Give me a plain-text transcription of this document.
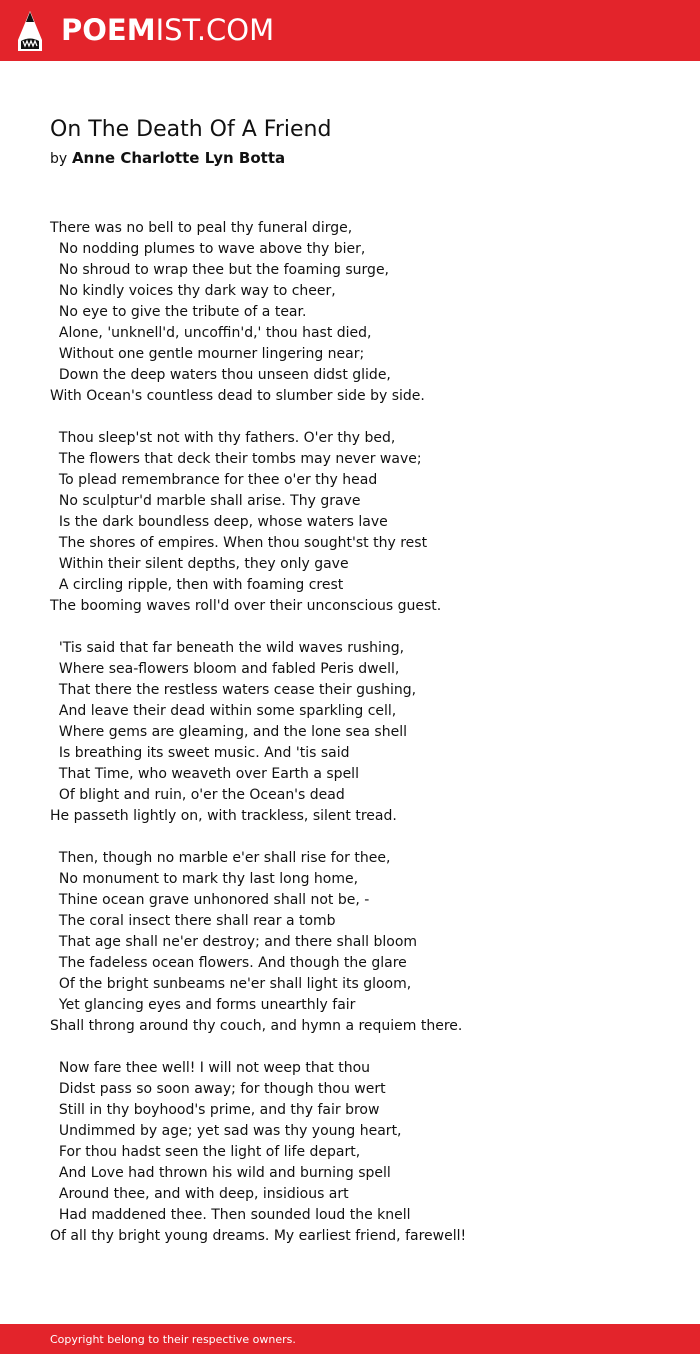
POEMIST.COM
On The Death Of A Friend
by Anne Charlotte Lyn Botta
There was no bell to peal thy funeral dirge,
No nodding plumes to wave above thy bier,
No shroud to wrap thee but the foaming surge,
No kindly voices thy dark way to cheer,
No eye to give the tribute of a tear.
Alone, 'unknell'd, uncoffin'd,' thou hast died,
Without one gentle mourner lingering near;
Down the deep waters thou unseen didst glide,
With Ocean's countless dead to slumber side by side.
Thou sleep'st not with thy fathers. O'er thy bed,
The flowers that deck their tombs may never wave;
To plead remembrance for thee o'er thy head
No sculptur'd marble shall arise. Thy grave
Is the dark boundless deep, whose waters lave
The shores of empires. When thou sought'st thy rest
Within their silent depths, they only gave
A circling ripple, then with foaming crest
The booming waves roll'd over their unconscious guest.
'Tis said that far beneath the wild waves rushing,
Where sea-flowers bloom and fabled Peris dwell,
That there the restless waters cease their gushing,
And leave their dead within some sparkling cell,
Where gems are gleaming, and the lone sea shell
Is breathing its sweet music. And 'tis said
That Time, who weaveth over Earth a spell
Of blight and ruin, o'er the Ocean's dead
He passeth lightly on, with trackless, silent tread.
Then, though no marble e'er shall rise for thee,
No monument to mark thy last long home,
Thine ocean grave unhonored shall not be, -
The coral insect there shall rear a tomb
That age shall ne'er destroy; and there shall bloom
The fadeless ocean flowers. And though the glare
Of the bright sunbeams ne'er shall light its gloom,
Yet glancing eyes and forms unearthly fair
Shall throng around thy couch, and hymn a requiem there.
Now fare thee well! I will not weep that thou
Didst pass so soon away; for though thou wert
Still in thy boyhood's prime, and thy fair brow
Undimmed by age; yet sad was thy young heart,
For thou hadst seen the light of life depart,
And Love had thrown his wild and burning spell
Around thee, and with deep, insidious art
Had maddened thee. Then sounded loud the knell
Of all thy bright young dreams. My earliest friend, farewell!
Copyright belong to their respective owners.
